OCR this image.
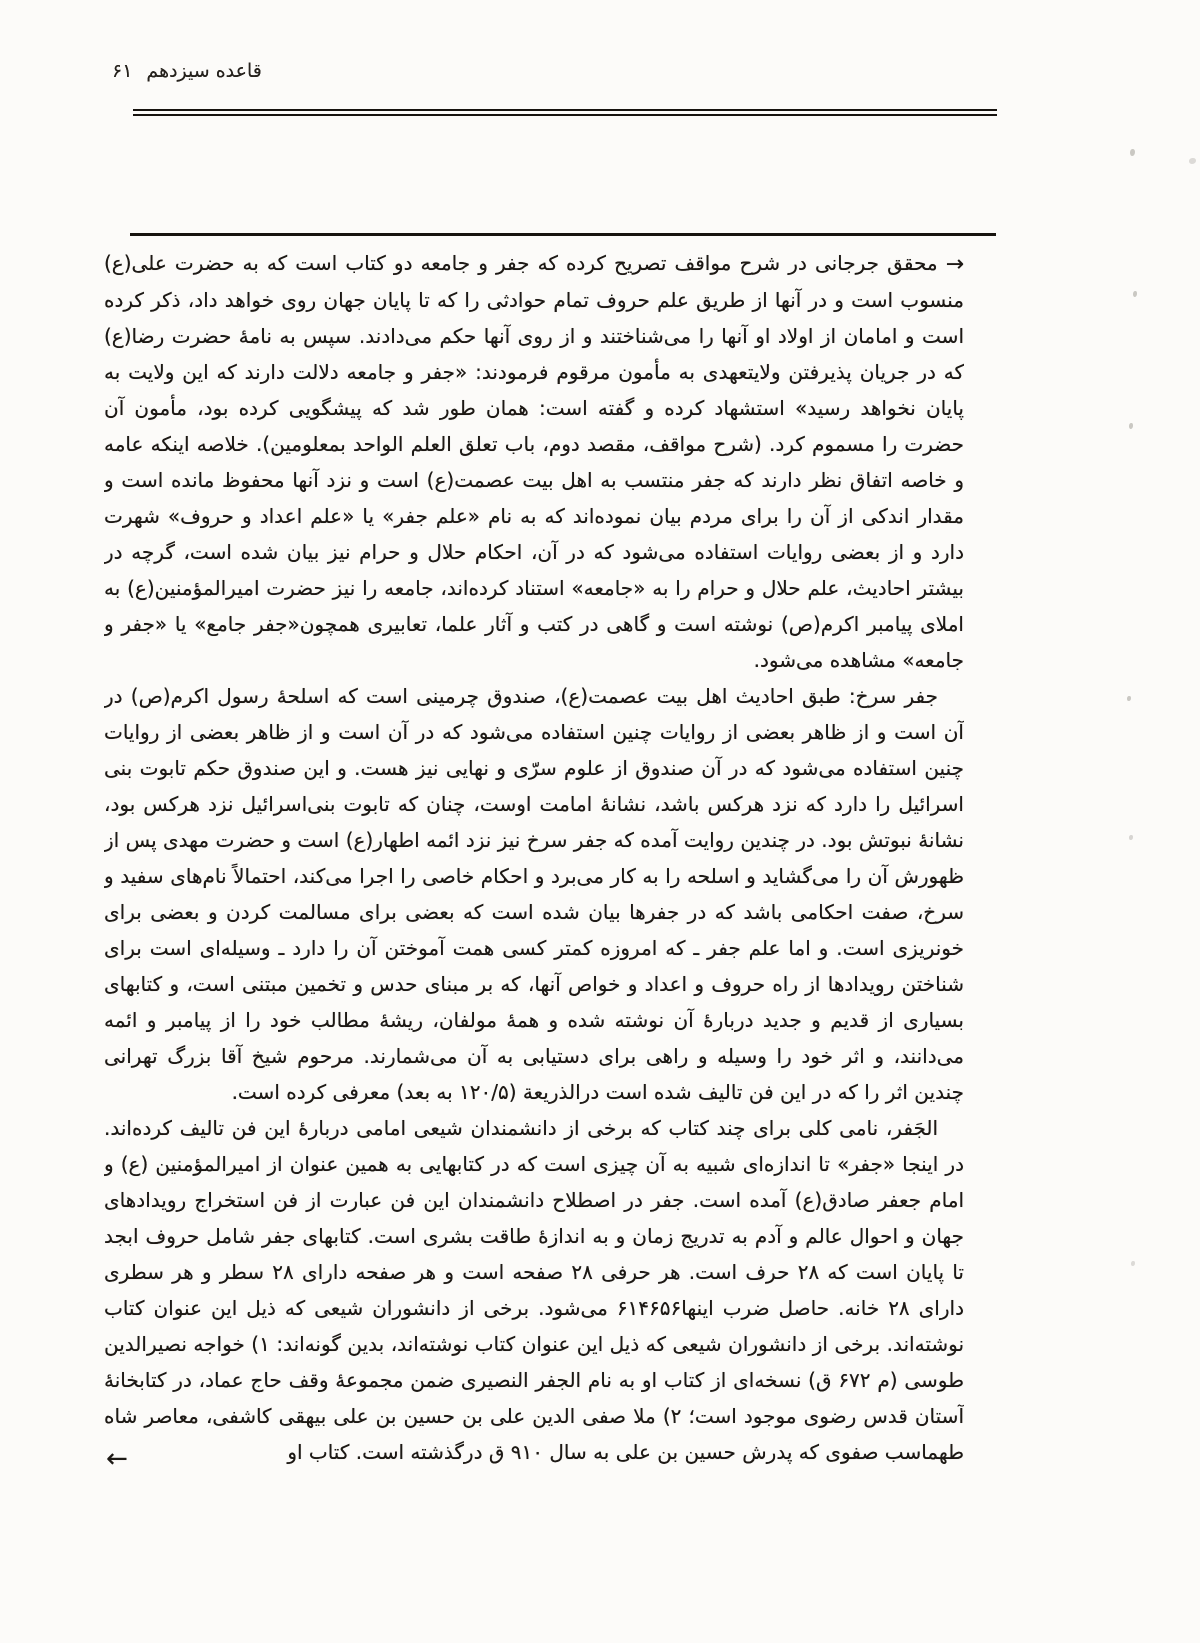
قاعده سیزدهم
۶۱

→محقق جرجانی در شرح مواقف تصریح کرده که جفر و جامعه دو کتاب است که به حضرت علی(ع) منسوب است و در آنها از طریق علم حروف تمام حوادثی را که تا پایان جهان روی خواهد داد، ذکر کرده است و امامان از اولاد او آنها را می‌شناختند و از روی آنها حکم می‌دادند. سپس به نامهٔ حضرت رضا(ع) که در جریان پذیرفتن ولایتعهدی به مأمون مرقوم فرمودند: «جفر و جامعه دلالت دارند که این ولایت به پایان نخواهد رسید» استشهاد کرده و گفته است: همان طور شد که پیشگویی کرده بود، مأمون آن حضرت را مسموم کرد. (شرح مواقف، مقصد دوم، باب تعلق العلم الواحد بمعلومین). خلاصه اینکه عامه و خاصه اتفاق نظر دارند که جفر منتسب به اهل بیت عصمت(ع) است و نزد آنها محفوظ مانده است و مقدار اندکی از آن را برای مردم بیان نموده‌اند که به نام «علم جفر» یا «علم اعداد و حروف» شهرت دارد و از بعضی روایات استفاده می‌شود که در آن، احکام حلال و حرام نیز بیان شده است، گرچه در بیشتر احادیث، علم حلال و حرام را به «جامعه» استناد کرده‌اند، جامعه را نیز حضرت امیرالمؤمنین(ع) به املای پیامبر اکرم(ص) نوشته است و گاهی در کتب و آثار علما، تعابیری همچون«جفر جامع» یا «جفر و جامعه» مشاهده می‌شود.

جفر سرخ: طبق احادیث اهل بیت عصمت(ع)، صندوق چرمینی است که اسلحهٔ رسول اکرم(ص) در آن است و از ظاهر بعضی از روایات چنین استفاده می‌شود که در آن است و از ظاهر بعضی از روایات چنین استفاده می‌شود که در آن صندوق از علوم سرّی و نهایی نیز هست. و این صندوق حکم تابوت بنی اسرائیل را دارد که نزد هرکس باشد، نشانهٔ امامت اوست، چنان که تابوت بنی‌اسرائیل نزد هرکس بود، نشانهٔ نبوتش بود. در چندین روایت آمده که جفر سرخ نیز نزد ائمه اطهار(ع) است و حضرت مهدی پس از ظهورش آن را می‌گشاید و اسلحه را به کار می‌برد و احکام خاصی را اجرا می‌کند، احتمالاً نام‌های سفید و سرخ، صفت احکامی باشد که در جفرها بیان شده است که بعضی برای مسالمت کردن و بعضی برای خونریزی است. و اما علم جفر ـ که امروزه کمتر کسی همت آموختن آن را دارد ـ وسیله‌ای است برای شناختن رویدادها از راه حروف و اعداد و خواص آنها، که بر مبنای حدس و تخمین مبتنی است، و کتابهای بسیاری از قدیم و جدید دربارهٔ آن نوشته شده و همهٔ مولفان، ریشهٔ مطالب خود را از پیامبر و ائمه می‌دانند، و اثر خود را وسیله و راهی برای دستیابی به آن می‌شمارند. مرحوم شیخ آقا بزرگ تهرانی چندین اثر را که در این فن تالیف شده است درالذریعة (۱۲۰/۵ به بعد) معرفی کرده است.

الجَفر، نامی کلی برای چند کتاب که برخی از دانشمندان شیعی امامی دربارهٔ این فن تالیف کرده‌اند. در اینجا «جفر» تا اندازه‌ای شبیه به آن چیزی است که در کتابهایی به همین عنوان از امیرالمؤمنین (ع) و امام جعفر صادق(ع) آمده است. جفر در اصطلاح دانشمندان این فن عبارت از فن استخراج رویدادهای جهان و احوال عالم و آدم به تدریج زمان و به اندازهٔ طاقت بشری است. کتابهای جفر شامل حروف ابجد تا پایان است که ۲۸ حرف است. هر حرفی ۲۸ صفحه است و هر صفحه دارای ۲۸ سطر و هر سطری دارای ۲۸ خانه. حاصل ضرب اینها۶۱۴۶۵۶ می‌شود. برخی از دانشوران شیعی که ذیل این عنوان کتاب نوشته‌اند. برخی از دانشوران شیعی که ذیل این عنوان کتاب نوشته‌اند، بدین گونه‌اند: ۱) خواجه نصیرالدین طوسی (م ۶۷۲ ق) نسخه‌ای از کتاب او به نام الجفر النصیری ضمن مجموعهٔ وقف حاج عماد، در کتابخانهٔ آستان قدس رضوی موجود است؛ ۲) ملا صفی الدین علی بن حسین بن علی بیهقی کاشفی، معاصر شاه طهماسب صفوی که پدرش حسین بن علی به سال ۹۱۰ ق درگذشته است. کتاب او

←
